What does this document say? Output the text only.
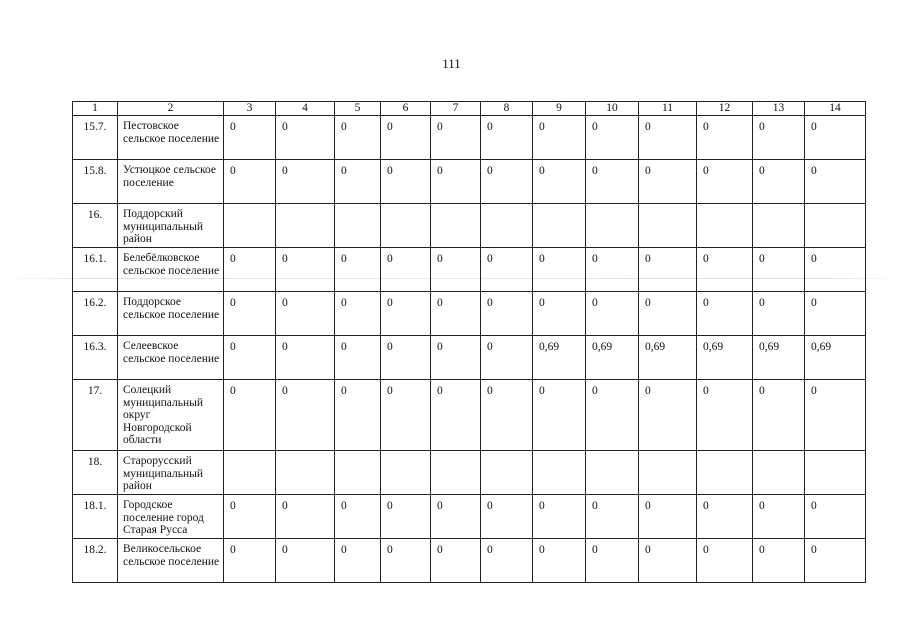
111
1	2	3	4	5	6	7	8	9	10	11	12	13	14
15.7.	Пестовское сельское поселение	0	0	0	0	0	0	0	0	0	0	0	0
15.8.	Устюцкое сельское поселение	0	0	0	0	0	0	0	0	0	0	0	0
16.	Поддорский муниципальный район												
16.1.	Белебёлковское сельское поселение	0	0	0	0	0	0	0	0	0	0	0	0
16.2.	Поддорское сельское поселение	0	0	0	0	0	0	0	0	0	0	0	0
16.3.	Селеевское сельское поселение	0	0	0	0	0	0	0,69	0,69	0,69	0,69	0,69	0,69
17.	Солецкий муниципальный округ Новгородской области	0	0	0	0	0	0	0	0	0	0	0	0
18.	Старорусский муниципальный район												
18.1.	Городское поселение город Старая Русса	0	0	0	0	0	0	0	0	0	0	0	0
18.2.	Великосельское сельское поселение	0	0	0	0	0	0	0	0	0	0	0	0
